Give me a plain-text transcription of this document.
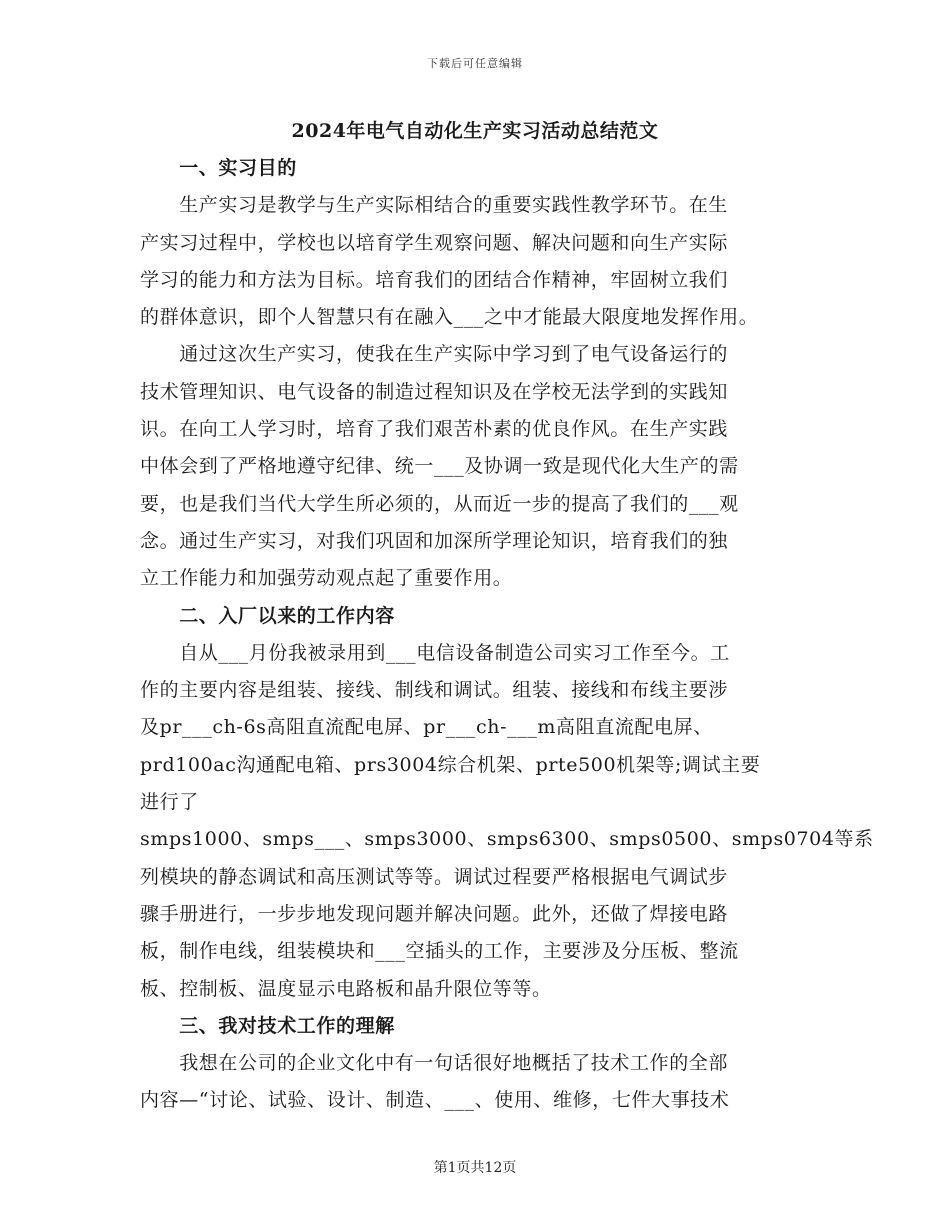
下载后可任意编辑
2024年电气自动化生产实习活动总结范文
　　一、实习目的
　　生产实习是教学与生产实际相结合的重要实践性教学环节。在生
产实习过程中，学校也以培育学生观察问题、解决问题和向生产实际
学习的能力和方法为目标。培育我们的团结合作精神，牢固树立我们
的群体意识，即个人智慧只有在融入___之中才能最大限度地发挥作用。
　　通过这次生产实习，使我在生产实际中学习到了电气设备运行的
技术管理知识、电气设备的制造过程知识及在学校无法学到的实践知
识。在向工人学习时，培育了我们艰苦朴素的优良作风。在生产实践
中体会到了严格地遵守纪律、统一___及协调一致是现代化大生产的需
要，也是我们当代大学生所必须的，从而近一步的提高了我们的___观
念。通过生产实习，对我们巩固和加深所学理论知识，培育我们的独
立工作能力和加强劳动观点起了重要作用。
　　二、入厂以来的工作内容
　　自从___月份我被录用到___电信设备制造公司实习工作至今。工
作的主要内容是组装、接线、制线和调试。组装、接线和布线主要涉
及pr___ch-6s高阻直流配电屏、pr___ch-___m高阻直流配电屏、
prd100ac沟通配电箱、prs3004综合机架、prte500机架等;调试主要
进行了
smps1000、smps___、smps3000、smps6300、smps0500、smps0704等系
列模块的静态调试和高压测试等等。调试过程要严格根据电气调试步
骤手册进行，一步步地发现问题并解决问题。此外，还做了焊接电路
板，制作电线，组装模块和___空插头的工作，主要涉及分压板、整流
板、控制板、温度显示电路板和晶升限位等等。
　　三、我对技术工作的理解
　　我想在公司的企业文化中有一句话很好地概括了技术工作的全部
内容—“讨论、试验、设计、制造、___、使用、维修，七件大事技术
第1页共12页
